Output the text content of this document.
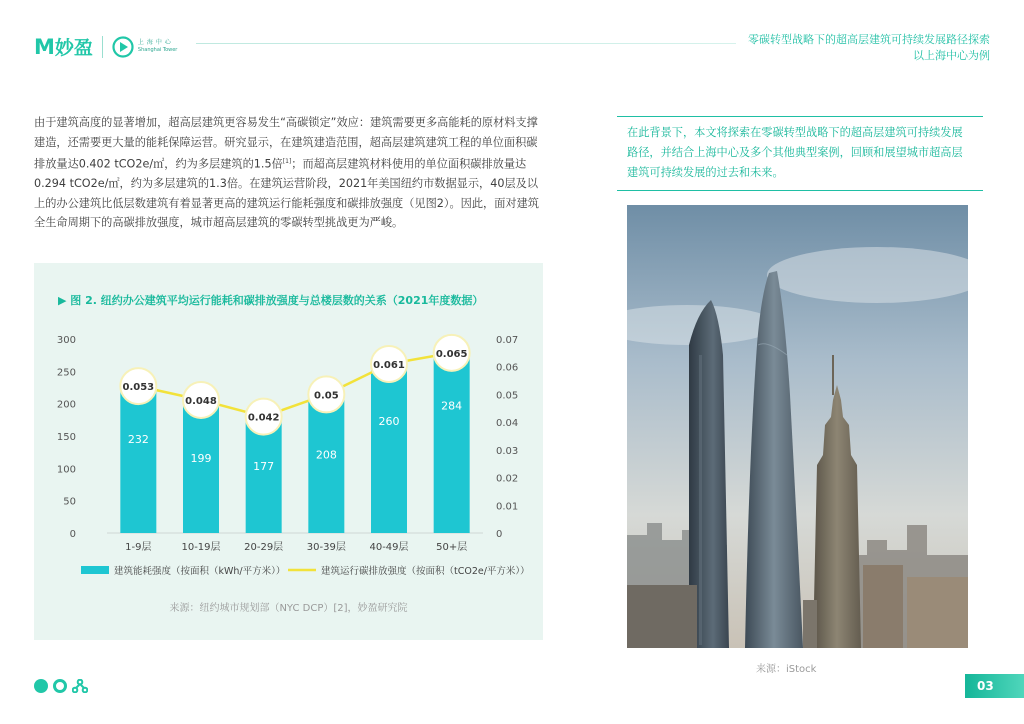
M 妙盈	上海中心
Shanghai Tower
零碳转型战略下的超高层建筑可持续发展路径探索
以上海中心为例

由于建筑高度的显著增加，超高层建筑更容易发生“高碳锁定”效应：建筑需要更多高能耗的原材料支撑建造，还需要更大量的能耗保障运营。研究显示，在建筑建造范围，超高层建筑建筑工程的单位面积碳排放量达0.402 tCO2e/㎡，约为多层建筑的1.5倍[1]；而超高层建筑材料使用的单位面积碳排放量达0.294 tCO2e/㎡，约为多层建筑的1.3倍。在建筑运营阶段，2021年美国纽约市数据显示，40层及以上的办公建筑比低层数建筑有着显著更高的建筑运行能耗强度和碳排放强度（见图2）。因此，面对建筑全生命周期下的高碳排放强度，城市超高层建筑的零碳转型挑战更为严峻。

在此背景下，本文将探索在零碳转型战略下的超高层建筑可持续发展路径，并结合上海中心及多个其他典型案例，回顾和展望城市超高层建筑可持续发展的过去和未来。
▶ 图 2. 纽约办公建筑平均运行能耗和碳排放强度与总楼层数的关系（2021年度数据）
0
50
100
150
200
250
300
0
0.01
0.02
0.03
0.04
0.05
0.06
0.07
232
1-9层
199
10-19层
177
20-29层
208
30-39层
260
40-49层
284
50+层
0.053
0.048
0.042
0.05
0.061
0.065
建筑能耗强度（按面积（kWh/平方米））	建筑运行碳排放强度（按面积（tCO2e/平方米））
来源：纽约城市规划部（NYC DCP）[2]，妙盈研究院
来源：iStock
03
